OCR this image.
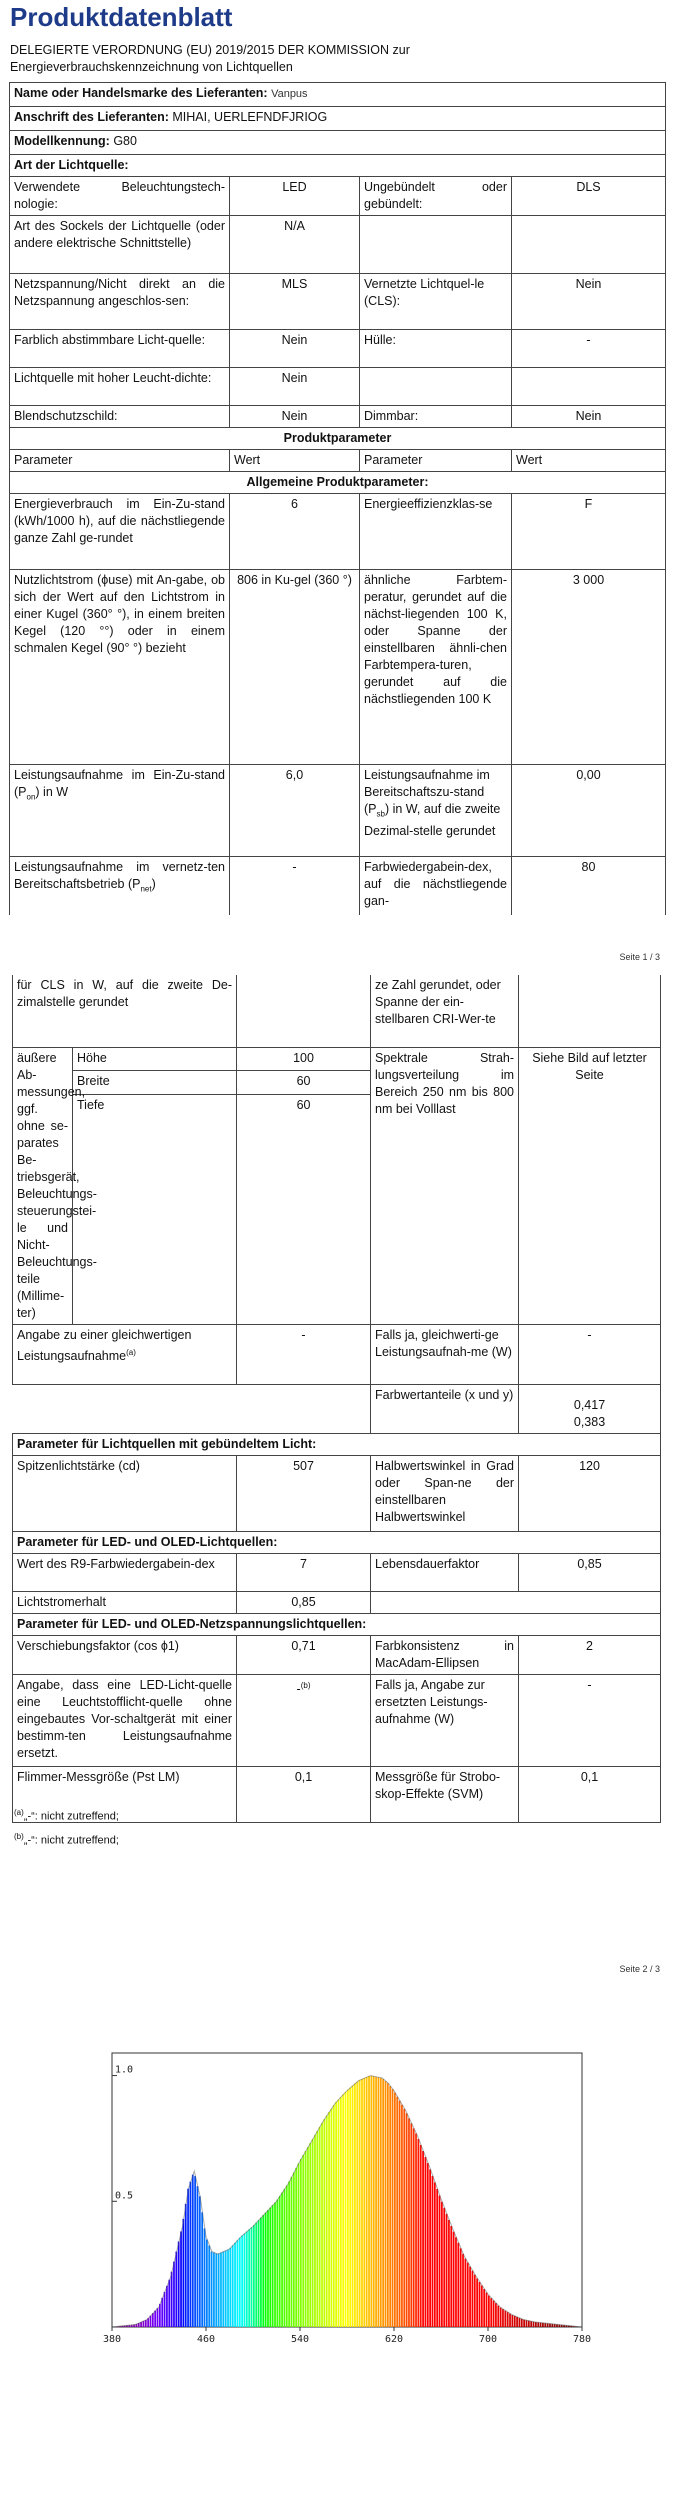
Produktdatenblatt
DELEGIERTE VERORDNUNG (EU) 2019/2015 DER KOMMISSION zur Energieverbrauchskennzeichnung von Lichtquellen
Name oder Handelsmarke des Lieferanten: Vanpus			
Anschrift des Lieferanten: MIHAI, UERLEFNDFJRIOG			
Modellkennung: G80			
Art der Lichtquelle:			
Verwendete Beleuchtungstech-nologie:	LED	Ungebündelt oder gebündelt:	DLS
Art des Sockels der Lichtquelle (oder andere elektrische Schnittstelle)	N/A		
Netzspannung/Nicht direkt an die Netzspannung angeschlos-sen:	MLS	Vernetzte Lichtquel-le (CLS):	Nein
Farblich abstimmbare Licht-quelle:	Nein	Hülle:	-
Lichtquelle mit hoher Leucht-dichte:	Nein		
Blendschutzschild:	Nein	Dimmbar:	Nein
Produktparameter			
Parameter	Wert	Parameter	Wert
Allgemeine Produktparameter:			
Energieverbrauch im Ein-Zu-stand (kWh/1000 h), auf die nächstliegende ganze Zahl ge-rundet	6	Energieeffizienzklas-se	F
Nutzlichtstrom (ϕuse) mit An-gabe, ob sich der Wert auf den Lichtstrom in einer Kugel (360° °), in einem breiten Kegel (120 °°) oder in einem schmalen Kegel (90° °) bezieht	806 in Ku-gel (360 °)	ähnliche Farbtem-peratur, gerundet auf die nächst-liegenden 100 K, oder Spanne der einstellbaren ähnli-chen Farbtempera-turen, gerundet auf die nächstliegenden 100 K	3 000
Leistungsaufnahme im Ein-Zu-stand $(P_{on})$ in W	6,0	Leistungsaufnahme im Bereitschaftszu-stand $(P_{sb})$ in W, auf die zweite Dezimal-stelle gerundet	0,00
Leistungsaufnahme im vernetz-ten Bereitschaftsbetrieb $(P_{net})$	-	Farbwiedergabein-dex, auf die nächstliegende gan-	80
Seite 1 / 3
für CLS in W, auf die zweite De-zimalstelle gerundet			ze Zahl gerundet, oder Spanne der ein-stellbaren CRI-Wer-te	
äußere Ab-messungen, ggf. ohne se-parates Be-triebsgerät, Beleuchtungs-steuerungstei-le und Nicht-Beleuchtungs-teile (Millime-ter)	Höhe	100	Spektrale Strah-lungsverteilung im Bereich 250 nm bis 800 nm bei Volllast	Siehe Bild auf letzter Seite
	Breite	60		
	Tiefe	60		
Angabe zu einer gleichwertigen Leistungsaufnahme$^{(a)}$		-	Falls ja, gleichwerti-ge Leistungsaufnah-me (W)	-
			Farbwertanteile (x und y)	0,417
0,383

Parameter für Lichtquellen mit gebündeltem Licht:				
Spitzenlichtstärke (cd)		507	Halbwertswinkel in Grad oder Span-ne der einstellbaren Halbwertswinkel	120
Parameter für LED- und OLED-Lichtquellen:				
Wert des R9-Farbwiedergabein-dex		7	Lebensdauerfaktor	0,85
Lichtstromerhalt		0,85		
Parameter für LED- und OLED-Netzspannungslichtquellen:				
Verschiebungsfaktor (cos ϕ1)		0,71	Farbkonsistenz in MacAdam-Ellipsen	2
Angabe, dass eine LED-Licht-quelle eine Leuchtstofflicht-quelle ohne eingebautes Vor-schaltgerät mit einer bestimm-ten Leistungsaufnahme ersetzt.		-$^{(b)}$	Falls ja, Angabe zur ersetzten Leistungs-aufnahme (W)	-
Flimmer-Messgröße (Pst LM)		0,1	Messgröße für Strobo-skop-Effekte (SVM)	0,1
$^{(a)}$„-“: nicht zutreffend;
$^{(b)}$„-“: nicht zutreffend;
Seite 2 / 3
380	460	540	620	700	780
1.0
0.5
